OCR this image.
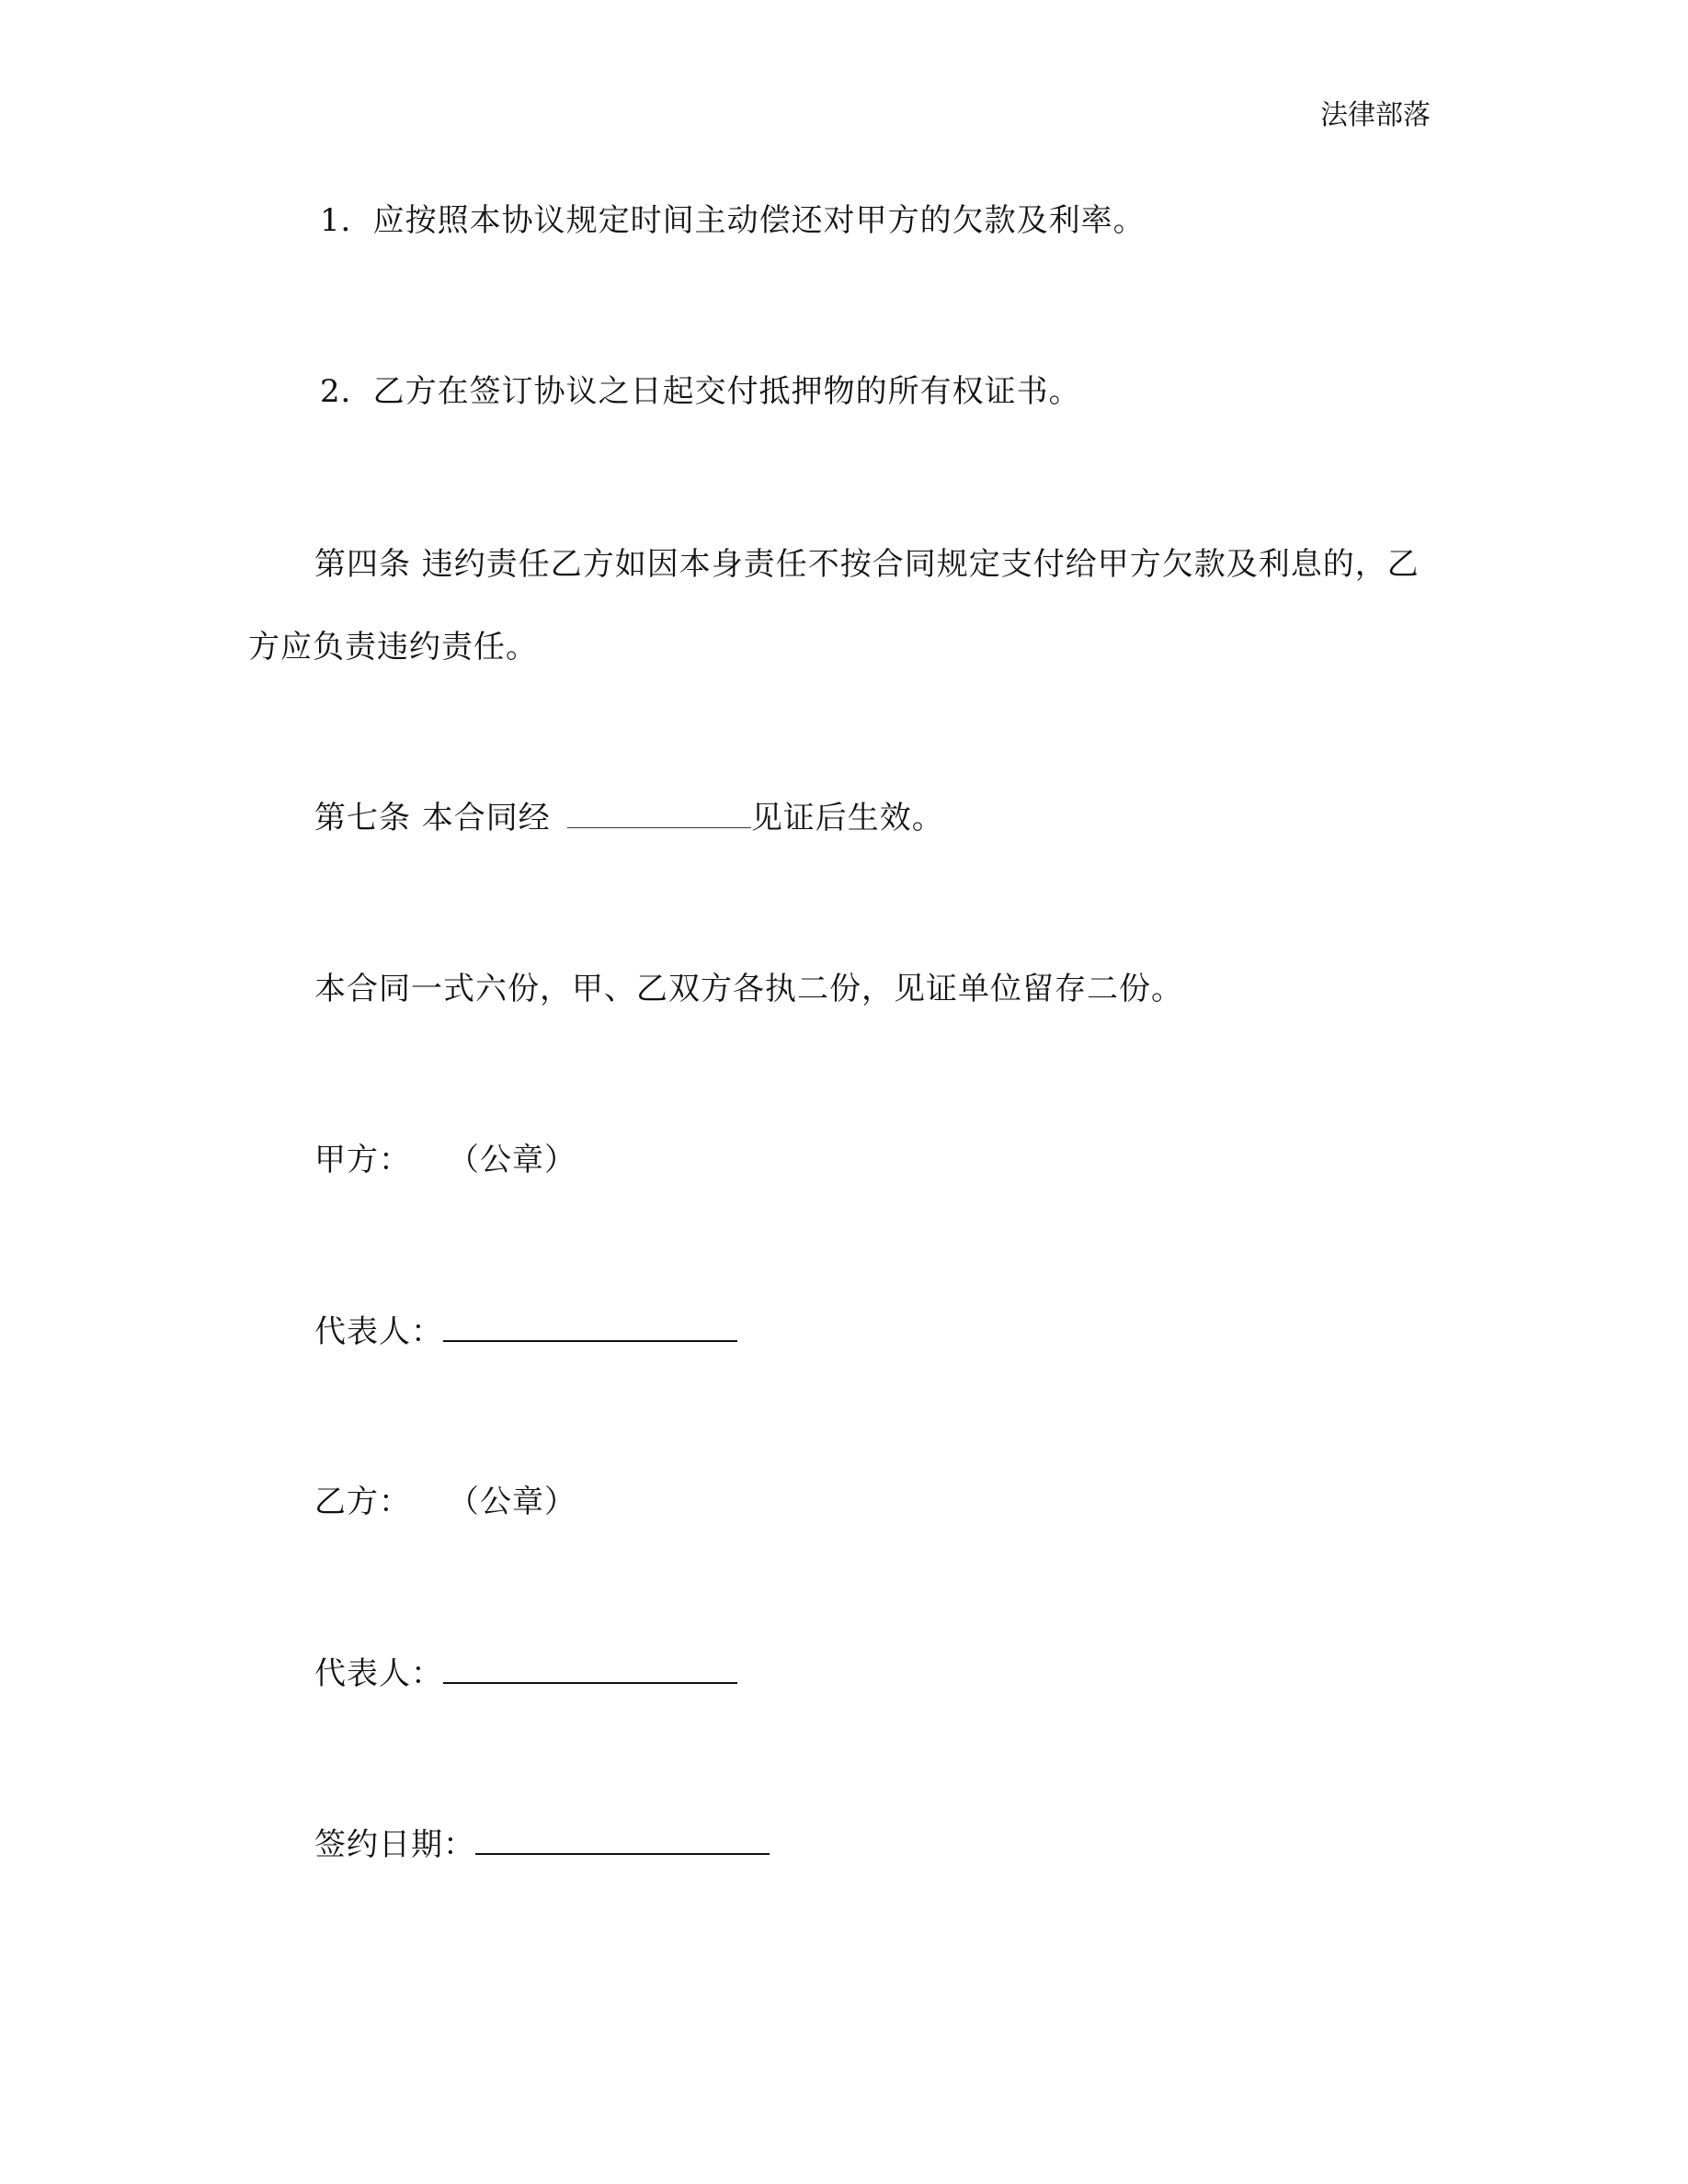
法律部落
1．应按照本协议规定时间主动偿还对甲方的欠款及利率。
2．乙方在签订协议之日起交付抵押物的所有权证书。
第四条 违约责任乙方如因本身责任不按合同规定支付给甲方欠款及利息的，乙
方应负责违约责任。
第七条 本合同经	见证后生效。
本合同一式六份，甲、乙双方各执二份，见证单位留存二份。
甲方： （公章）
代表人：
乙方： （公章）
代表人：
签约日期：
